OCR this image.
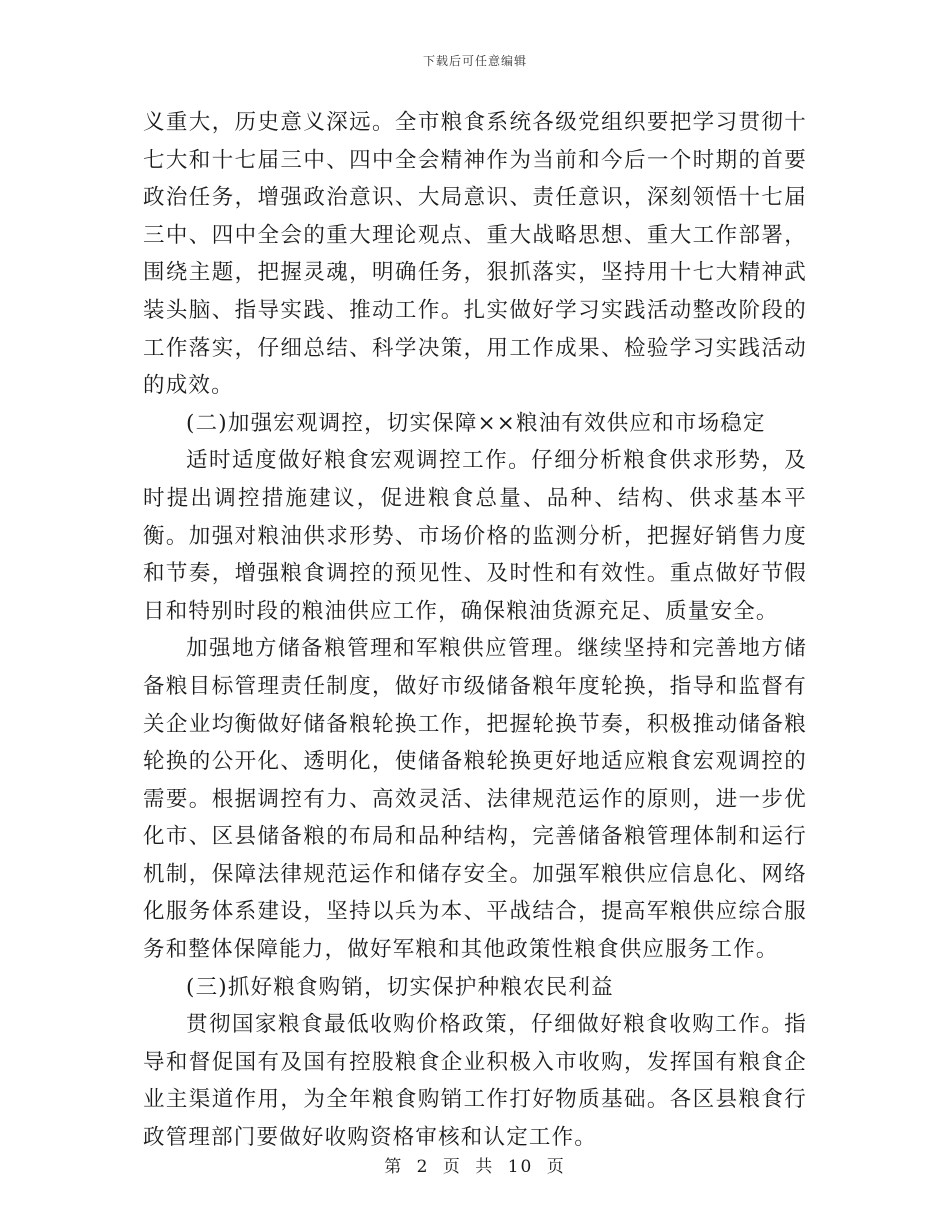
下载后可任意编辑

义重大，历史意义深远。全市粮食系统各级党组织要把学习贯彻十七大和十七届三中、四中全会精神作为当前和今后一个时期的首要政治任务，增强政治意识、大局意识、责任意识，深刻领悟十七届三中、四中全会的重大理论观点、重大战略思想、重大工作部署，围绕主题，把握灵魂，明确任务，狠抓落实，坚持用十七大精神武装头脑、指导实践、推动工作。扎实做好学习实践活动整改阶段的工作落实，仔细总结、科学决策，用工作成果、检验学习实践活动的成效。

(二)加强宏观调控，切实保障××粮油有效供应和市场稳定

适时适度做好粮食宏观调控工作。仔细分析粮食供求形势，及时提出调控措施建议，促进粮食总量、品种、结构、供求基本平衡。加强对粮油供求形势、市场价格的监测分析，把握好销售力度和节奏，增强粮食调控的预见性、及时性和有效性。重点做好节假日和特别时段的粮油供应工作，确保粮油货源充足、质量安全。

加强地方储备粮管理和军粮供应管理。继续坚持和完善地方储备粮目标管理责任制度，做好市级储备粮年度轮换，指导和监督有关企业均衡做好储备粮轮换工作，把握轮换节奏，积极推动储备粮轮换的公开化、透明化，使储备粮轮换更好地适应粮食宏观调控的需要。根据调控有力、高效灵活、法律规范运作的原则，进一步优化市、区县储备粮的布局和品种结构，完善储备粮管理体制和运行机制，保障法律规范运作和储存安全。加强军粮供应信息化、网络化服务体系建设，坚持以兵为本、平战结合，提高军粮供应综合服务和整体保障能力，做好军粮和其他政策性粮食供应服务工作。

(三)抓好粮食购销，切实保护种粮农民利益

贯彻国家粮食最低收购价格政策，仔细做好粮食收购工作。指导和督促国有及国有控股粮食企业积极入市收购，发挥国有粮食企业主渠道作用，为全年粮食购销工作打好物质基础。各区县粮食行政管理部门要做好收购资格审核和认定工作。

第 2 页 共 10 页
